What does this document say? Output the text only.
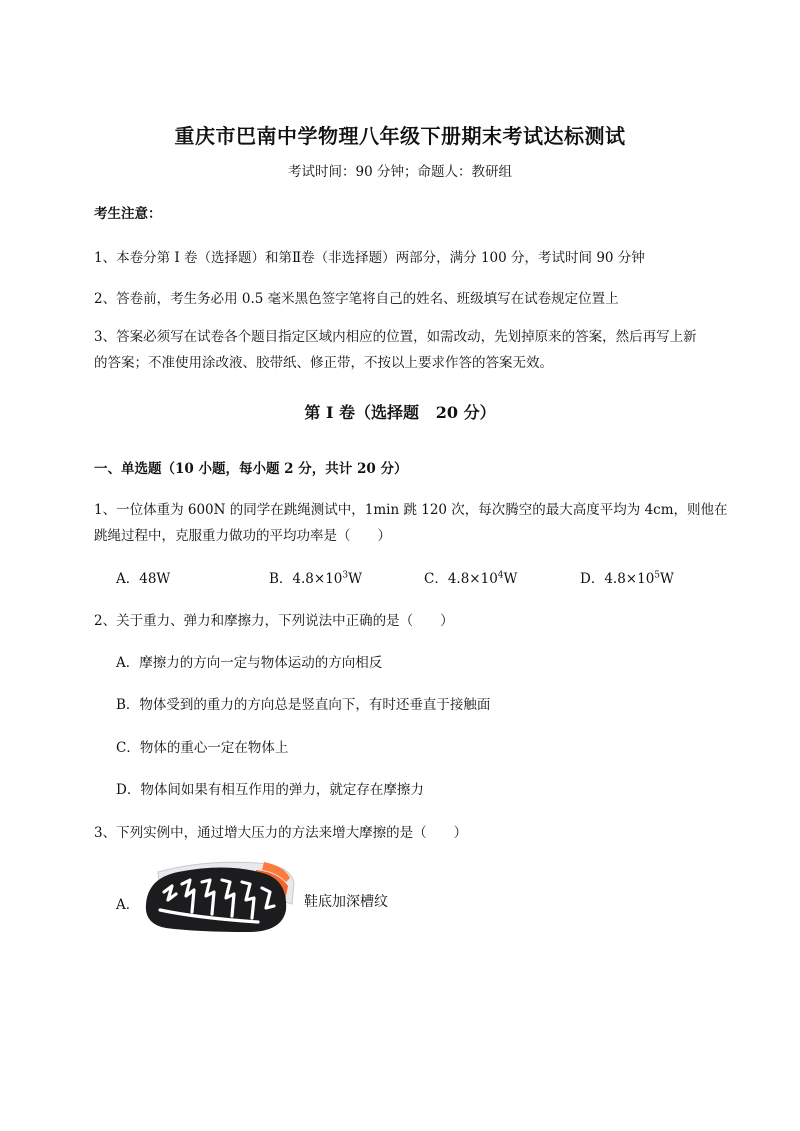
重庆市巴南中学物理八年级下册期末考试达标测试
考试时间：90 分钟；命题人：教研组
考生注意：
1、本卷分第 I 卷（选择题）和第Ⅱ卷（非选择题）两部分，满分 100 分，考试时间 90 分钟
2、答卷前，考生务必用 0.5 毫米黑色签字笔将自己的姓名、班级填写在试卷规定位置上
3、答案必须写在试卷各个题目指定区域内相应的位置，如需改动，先划掉原来的答案，然后再写上新的答案；不准使用涂改液、胶带纸、修正带，不按以上要求作答的答案无效。
第 I 卷（选择题   20 分）
一、单选题（10 小题，每小题 2 分，共计 20 分）
1、一位体重为 600N 的同学在跳绳测试中，1min 跳 120 次，每次腾空的最大高度平均为 4cm，则他在
跳绳过程中，克服重力做功的平均功率是（　　）
A．48W	B．$4.8\times 10^3W$	C．$4.8\times 10^4W$	D．$4.8\times 10^5W$
2、关于重力、弹力和摩擦力，下列说法中正确的是（　　）
A．摩擦力的方向一定与物体运动的方向相反
B．物体受到的重力的方向总是竖直向下，有时还垂直于接触面
C．物体的重心一定在物体上
D．物体间如果有相互作用的弹力，就定存在摩擦力
3、下列实例中，通过增大压力的方法来增大摩擦的是（　　）
A．	鞋底加深槽纹
